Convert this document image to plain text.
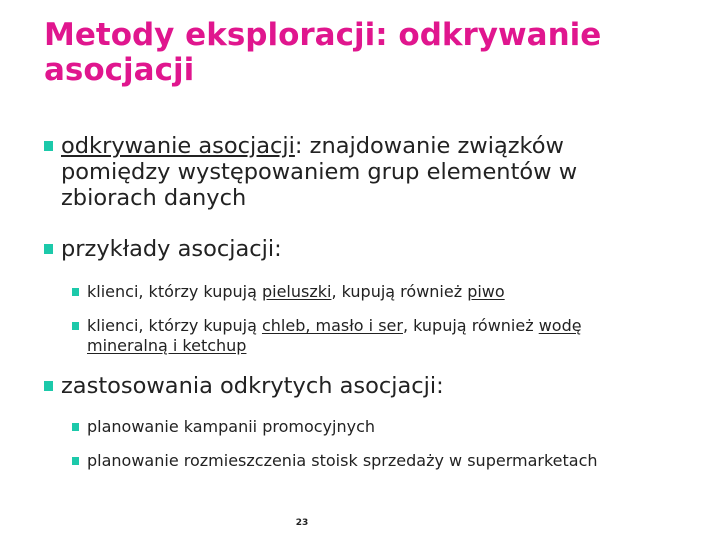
Metody eksploracji: odkrywanie asocjacji
odkrywanie asocjacji: znajdowanie związków pomiędzy występowaniem grup elementów w zbiorach danych
przykłady asocjacji:
klienci, którzy kupują pieluszki, kupują również piwo
klienci, którzy kupują chleb, masło i ser, kupują również wodę mineralną i ketchup
zastosowania odkrytych asocjacji:
planowanie kampanii promocyjnych
planowanie rozmieszczenia stoisk sprzedaży w supermarketach
23
